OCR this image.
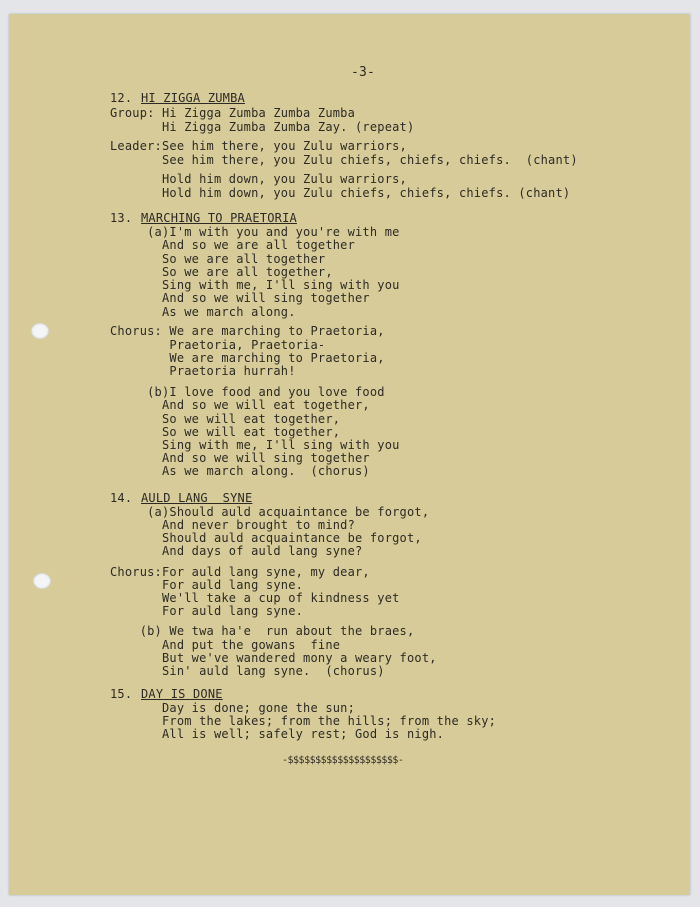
-3-

12. HI ZIGGA ZUMBA

Group: Hi Zigga Zumba Zumba Zumba

Hi Zigga Zumba Zumba Zay. (repeat)

Leader:See him there, you Zulu warriors,

See him there, you Zulu chiefs, chiefs, chiefs.  (chant)

Hold him down, you Zulu warriors,

Hold him down, you Zulu chiefs, chiefs, chiefs. (chant)

13. MARCHING TO PRAETORIA

(a)I'm with you and you're with me

And so we are all together

So we are all together

So we are all together,

Sing with me, I'll sing with you

And so we will sing together

As we march along.

Chorus: We are marching to Praetoria,

Praetoria, Praetoria-

We are marching to Praetoria,

Praetoria hurrah!

(b)I love food and you love food

And so we will eat together,

So we will eat together,

So we will eat together,

Sing with me, I'll sing with you

And so we will sing together

As we march along.  (chorus)

14. AULD LANG  SYNE

(a)Should auld acquaintance be forgot,

And never brought to mind?

Should auld acquaintance be forgot,

And days of auld lang syne?

Chorus:For auld lang syne, my dear,

For auld lang syne.

We'll take a cup of kindness yet

For auld lang syne.

(b) We twa ha'e  run about the braes,

And put the gowans  fine

But we've wandered mony a weary foot,

Sin' auld lang syne.  (chorus)

15. DAY IS DONE

Day is done; gone the sun;

From the lakes; from the hills; from the sky;

All is well; safely rest; God is nigh.

-$$$$$$$$$$$$$$$$$$$$-
